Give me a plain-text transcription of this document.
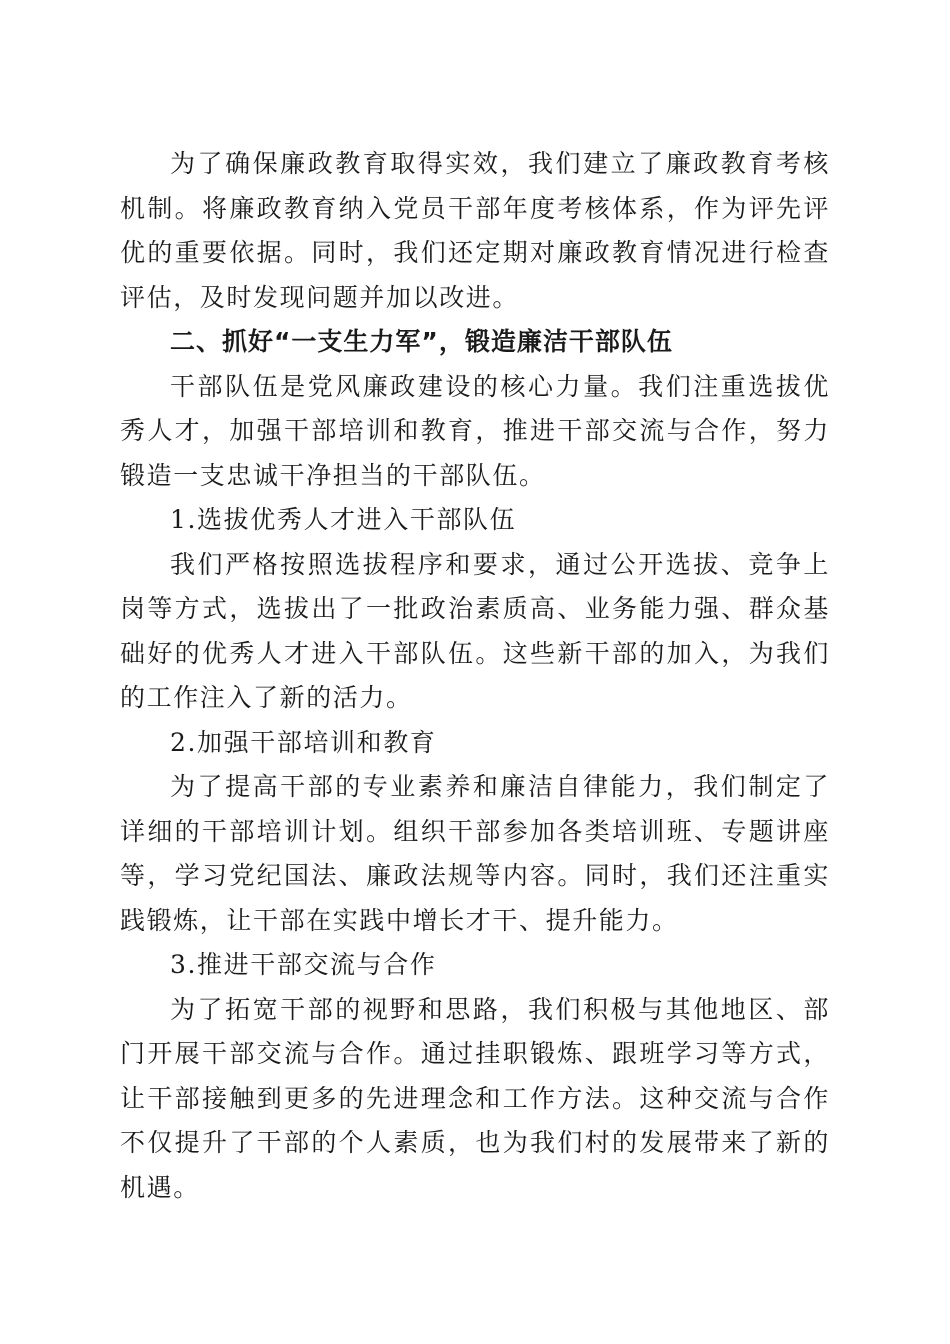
为了确保廉政教育取得实效，我们建立了廉政教育考核机制。将廉政教育纳入党员干部年度考核体系，作为评先评优的重要依据。同时，我们还定期对廉政教育情况进行检查评估，及时发现问题并加以改进。

二、抓好“一支生力军”，锻造廉洁干部队伍

干部队伍是党风廉政建设的核心力量。我们注重选拔优秀人才，加强干部培训和教育，推进干部交流与合作，努力锻造一支忠诚干净担当的干部队伍。

1.选拔优秀人才进入干部队伍

我们严格按照选拔程序和要求，通过公开选拔、竞争上岗等方式，选拔出了一批政治素质高、业务能力强、群众基础好的优秀人才进入干部队伍。这些新干部的加入，为我们的工作注入了新的活力。

2.加强干部培训和教育

为了提高干部的专业素养和廉洁自律能力，我们制定了详细的干部培训计划。组织干部参加各类培训班、专题讲座等，学习党纪国法、廉政法规等内容。同时，我们还注重实践锻炼，让干部在实践中增长才干、提升能力。

3.推进干部交流与合作

为了拓宽干部的视野和思路，我们积极与其他地区、部门开展干部交流与合作。通过挂职锻炼、跟班学习等方式，让干部接触到更多的先进理念和工作方法。这种交流与合作不仅提升了干部的个人素质，也为我们村的发展带来了新的机遇。
